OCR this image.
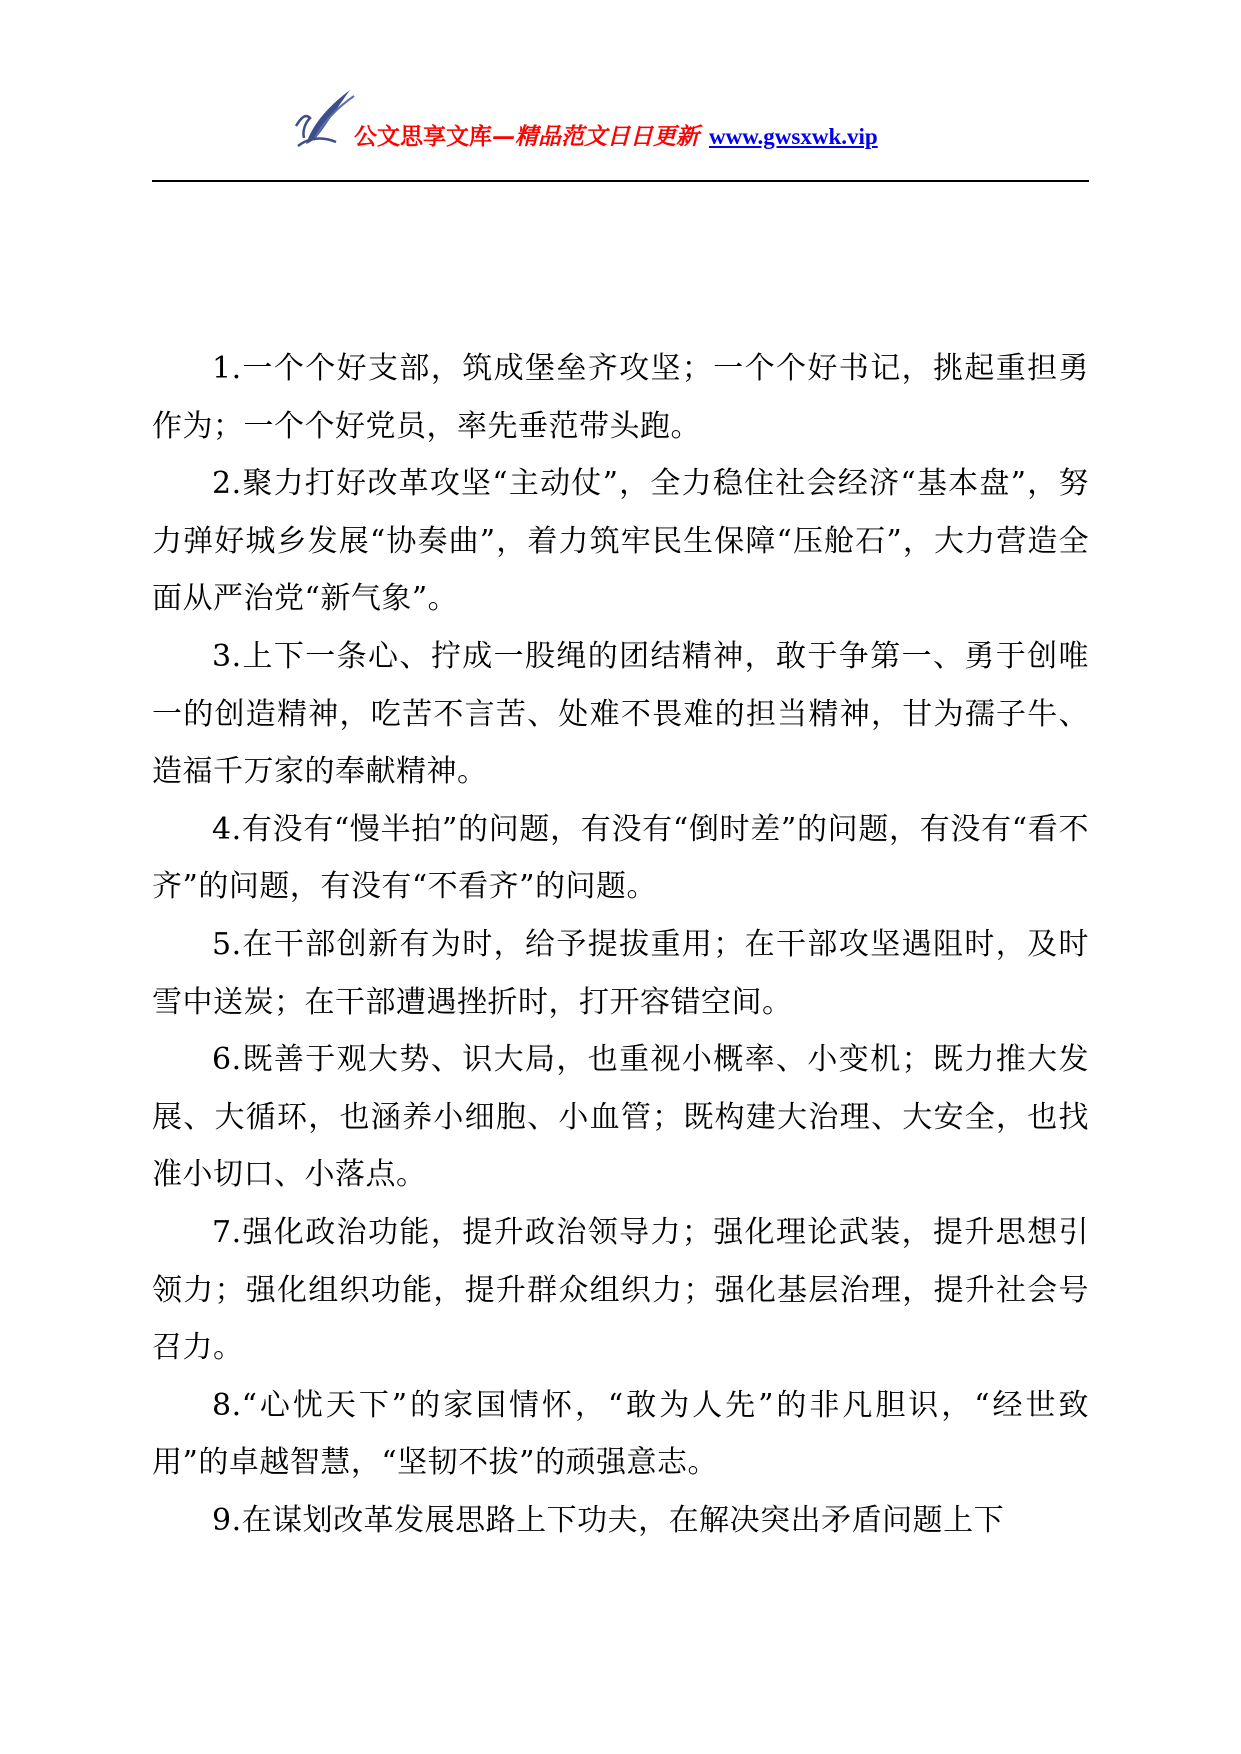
公文思享文库—精品范文日日更新 www.gwsxwk.vip

1.一个个好支部，筑成堡垒齐攻坚；一个个好书记，挑起重担勇作为；一个个好党员，率先垂范带头跑。

2.聚力打好改革攻坚“主动仗”，全力稳住社会经济“基本盘”，努力弹好城乡发展“协奏曲”，着力筑牢民生保障“压舱石”，大力营造全面从严治党“新气象”。

3.上下一条心、拧成一股绳的团结精神，敢于争第一、勇于创唯一的创造精神，吃苦不言苦、处难不畏难的担当精神，甘为孺子牛、造福千万家的奉献精神。

4.有没有“慢半拍”的问题，有没有“倒时差”的问题，有没有“看不齐”的问题，有没有“不看齐”的问题。

5.在干部创新有为时，给予提拔重用；在干部攻坚遇阻时，及时雪中送炭；在干部遭遇挫折时，打开容错空间。

6.既善于观大势、识大局，也重视小概率、小变机；既力推大发展、大循环，也涵养小细胞、小血管；既构建大治理、大安全，也找准小切口、小落点。

7.强化政治功能，提升政治领导力；强化理论武装，提升思想引领力；强化组织功能，提升群众组织力；强化基层治理，提升社会号召力。

8.“心忧天下”的家国情怀，“敢为人先”的非凡胆识，“经世致用”的卓越智慧，“坚韧不拔”的顽强意志。

9.在谋划改革发展思路上下功夫，在解决突出矛盾问题上下
